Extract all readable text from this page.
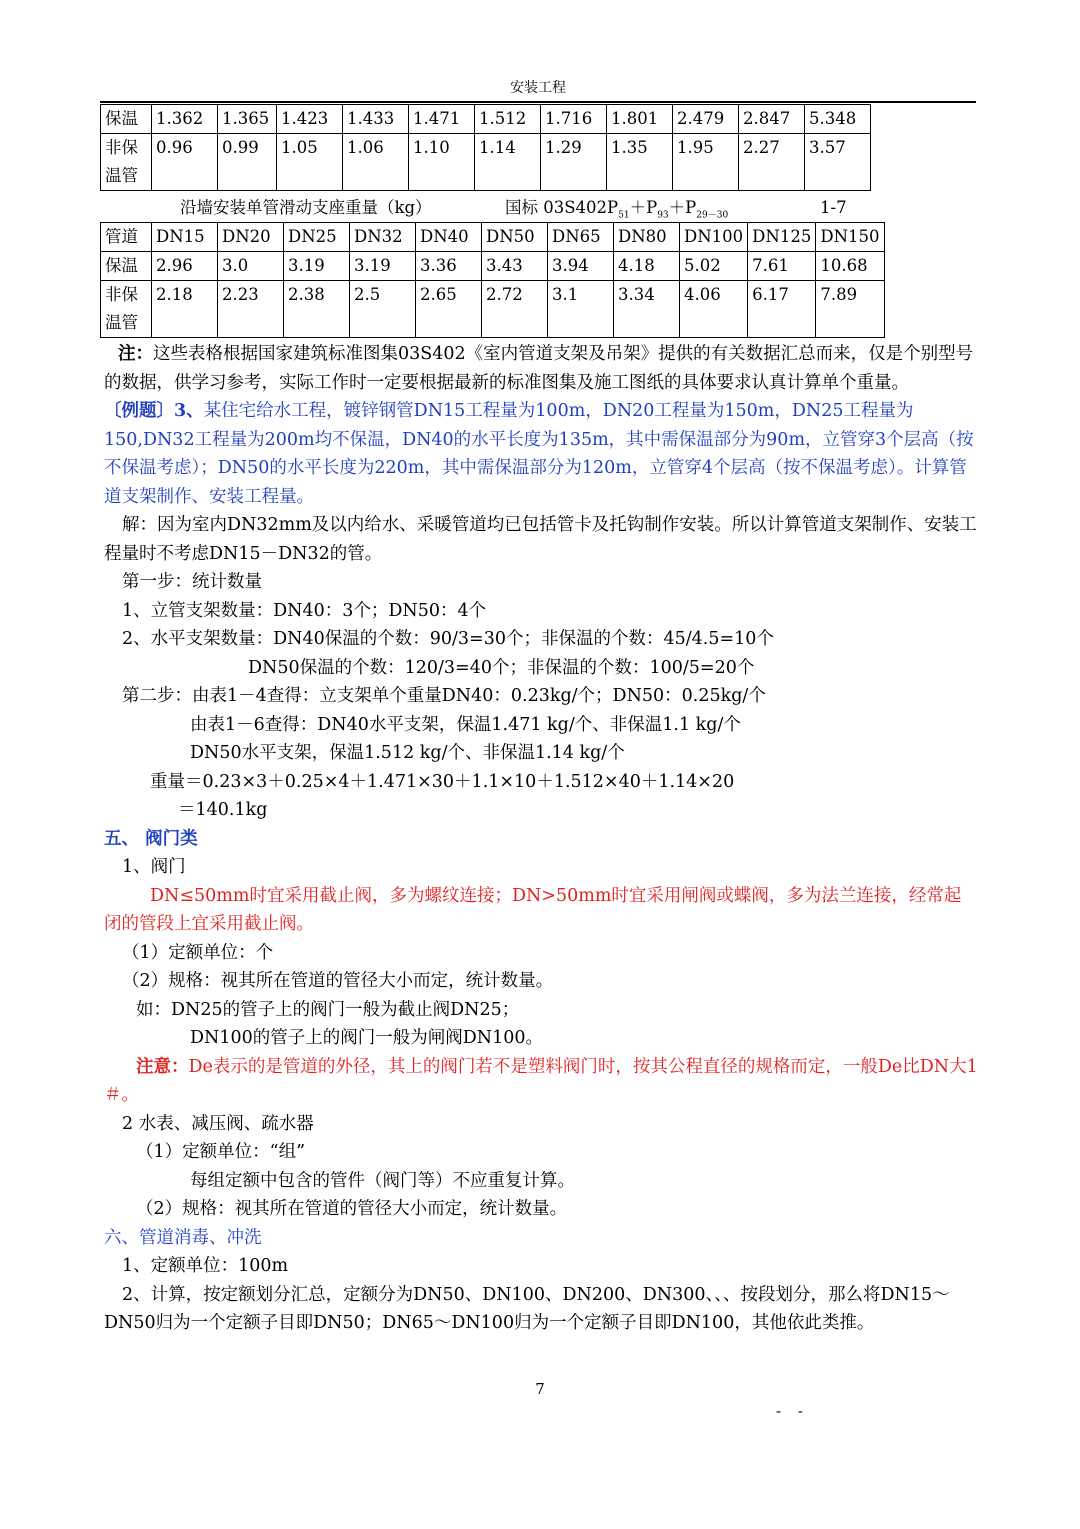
安装工程
保温	1.362	1.365	1.423	1.433	1.471	1.512	1.716	1.801	2.479	2.847	5.348
非保温管	0.96	0.99	1.05	1.06	1.10	1.14	1.29	1.35	1.95	2.27	3.57
沿墙安装单管滑动支座重量（kg）	国标 $03S402P_{51}+P_{93}+P_{29-30}$	1-7
管道	DN15	DN20	DN25	DN32	DN40	DN50	DN65	DN80	DN100	DN125	DN150
保温	2.96	3.0	3.19	3.19	3.36	3.43	3.94	4.18	5.02	7.61	10.68
非保温管	2.18	2.23	2.38	2.5	2.65	2.72	3.1	3.34	4.06	6.17	7.89

注：这些表格根据国家建筑标准图集03S402《室内管道支架及吊架》提供的有关数据汇总而来，仅是个别型号的数据，供学习参考，实际工作时一定要根据最新的标准图集及施工图纸的具体要求认真计算单个重量。

〔例题〕3、某住宅给水工程，镀锌钢管DN15工程量为100m，DN20工程量为150m，DN25工程量为150,DN32工程量为200m均不保温，DN40的水平长度为135m，其中需保温部分为90m，立管穿3个层高（按不保温考虑）；DN50的水平长度为220m，其中需保温部分为120m，立管穿4个层高（按不保温考虑）。计算管道支架制作、安装工程量。

解：因为室内DN32mm及以内给水、采暖管道均已包括管卡及托钩制作安装。所以计算管道支架制作、安装工程量时不考虑DN15－DN32的管。

第一步：统计数量

1、立管支架数量：DN40：3个；DN50：4个

2、水平支架数量：DN40保温的个数：90/3=30个；非保温的个数：45/4.5=10个

DN50保温的个数：120/3=40个；非保温的个数：100/5=20个

第二步：由表1－4查得：立支架单个重量DN40：0.23kg/个；DN50：0.25kg/个

由表1－6查得：DN40水平支架，保温1.471 kg/个、非保温1.1 kg/个

DN50水平支架，保温1.512 kg/个、非保温1.14 kg/个

重量＝0.23×3＋0.25×4＋1.471×30＋1.1×10＋1.512×40＋1.14×20

＝140.1kg

五、 阀门类

1、阀门

DN≤50mm时宜采用截止阀，多为螺纹连接；DN>50mm时宜采用闸阀或蝶阀，多为法兰连接，经常起闭的管段上宜采用截止阀。

（1）定额单位：个

（2）规格：视其所在管道的管径大小而定，统计数量。

如：DN25的管子上的阀门一般为截止阀DN25；

DN100的管子上的阀门一般为闸阀DN100。

注意：De表示的是管道的外径，其上的阀门若不是塑料阀门时，按其公程直径的规格而定，一般De比DN大1＃。

2 水表、减压阀、疏水器

（1）定额单位：“组”

每组定额中包含的管件（阀门等）不应重复计算。

（2）规格：视其所在管道的管径大小而定，统计数量。

六、管道消毒、冲洗

1、定额单位：100m

2、计算，按定额划分汇总，定额分为DN50、DN100、DN200、DN300、、、按段划分，那么将DN15～DN50归为一个定额子目即DN50；DN65～DN100归为一个定额子目即DN100，其他依此类推。

7
- -
